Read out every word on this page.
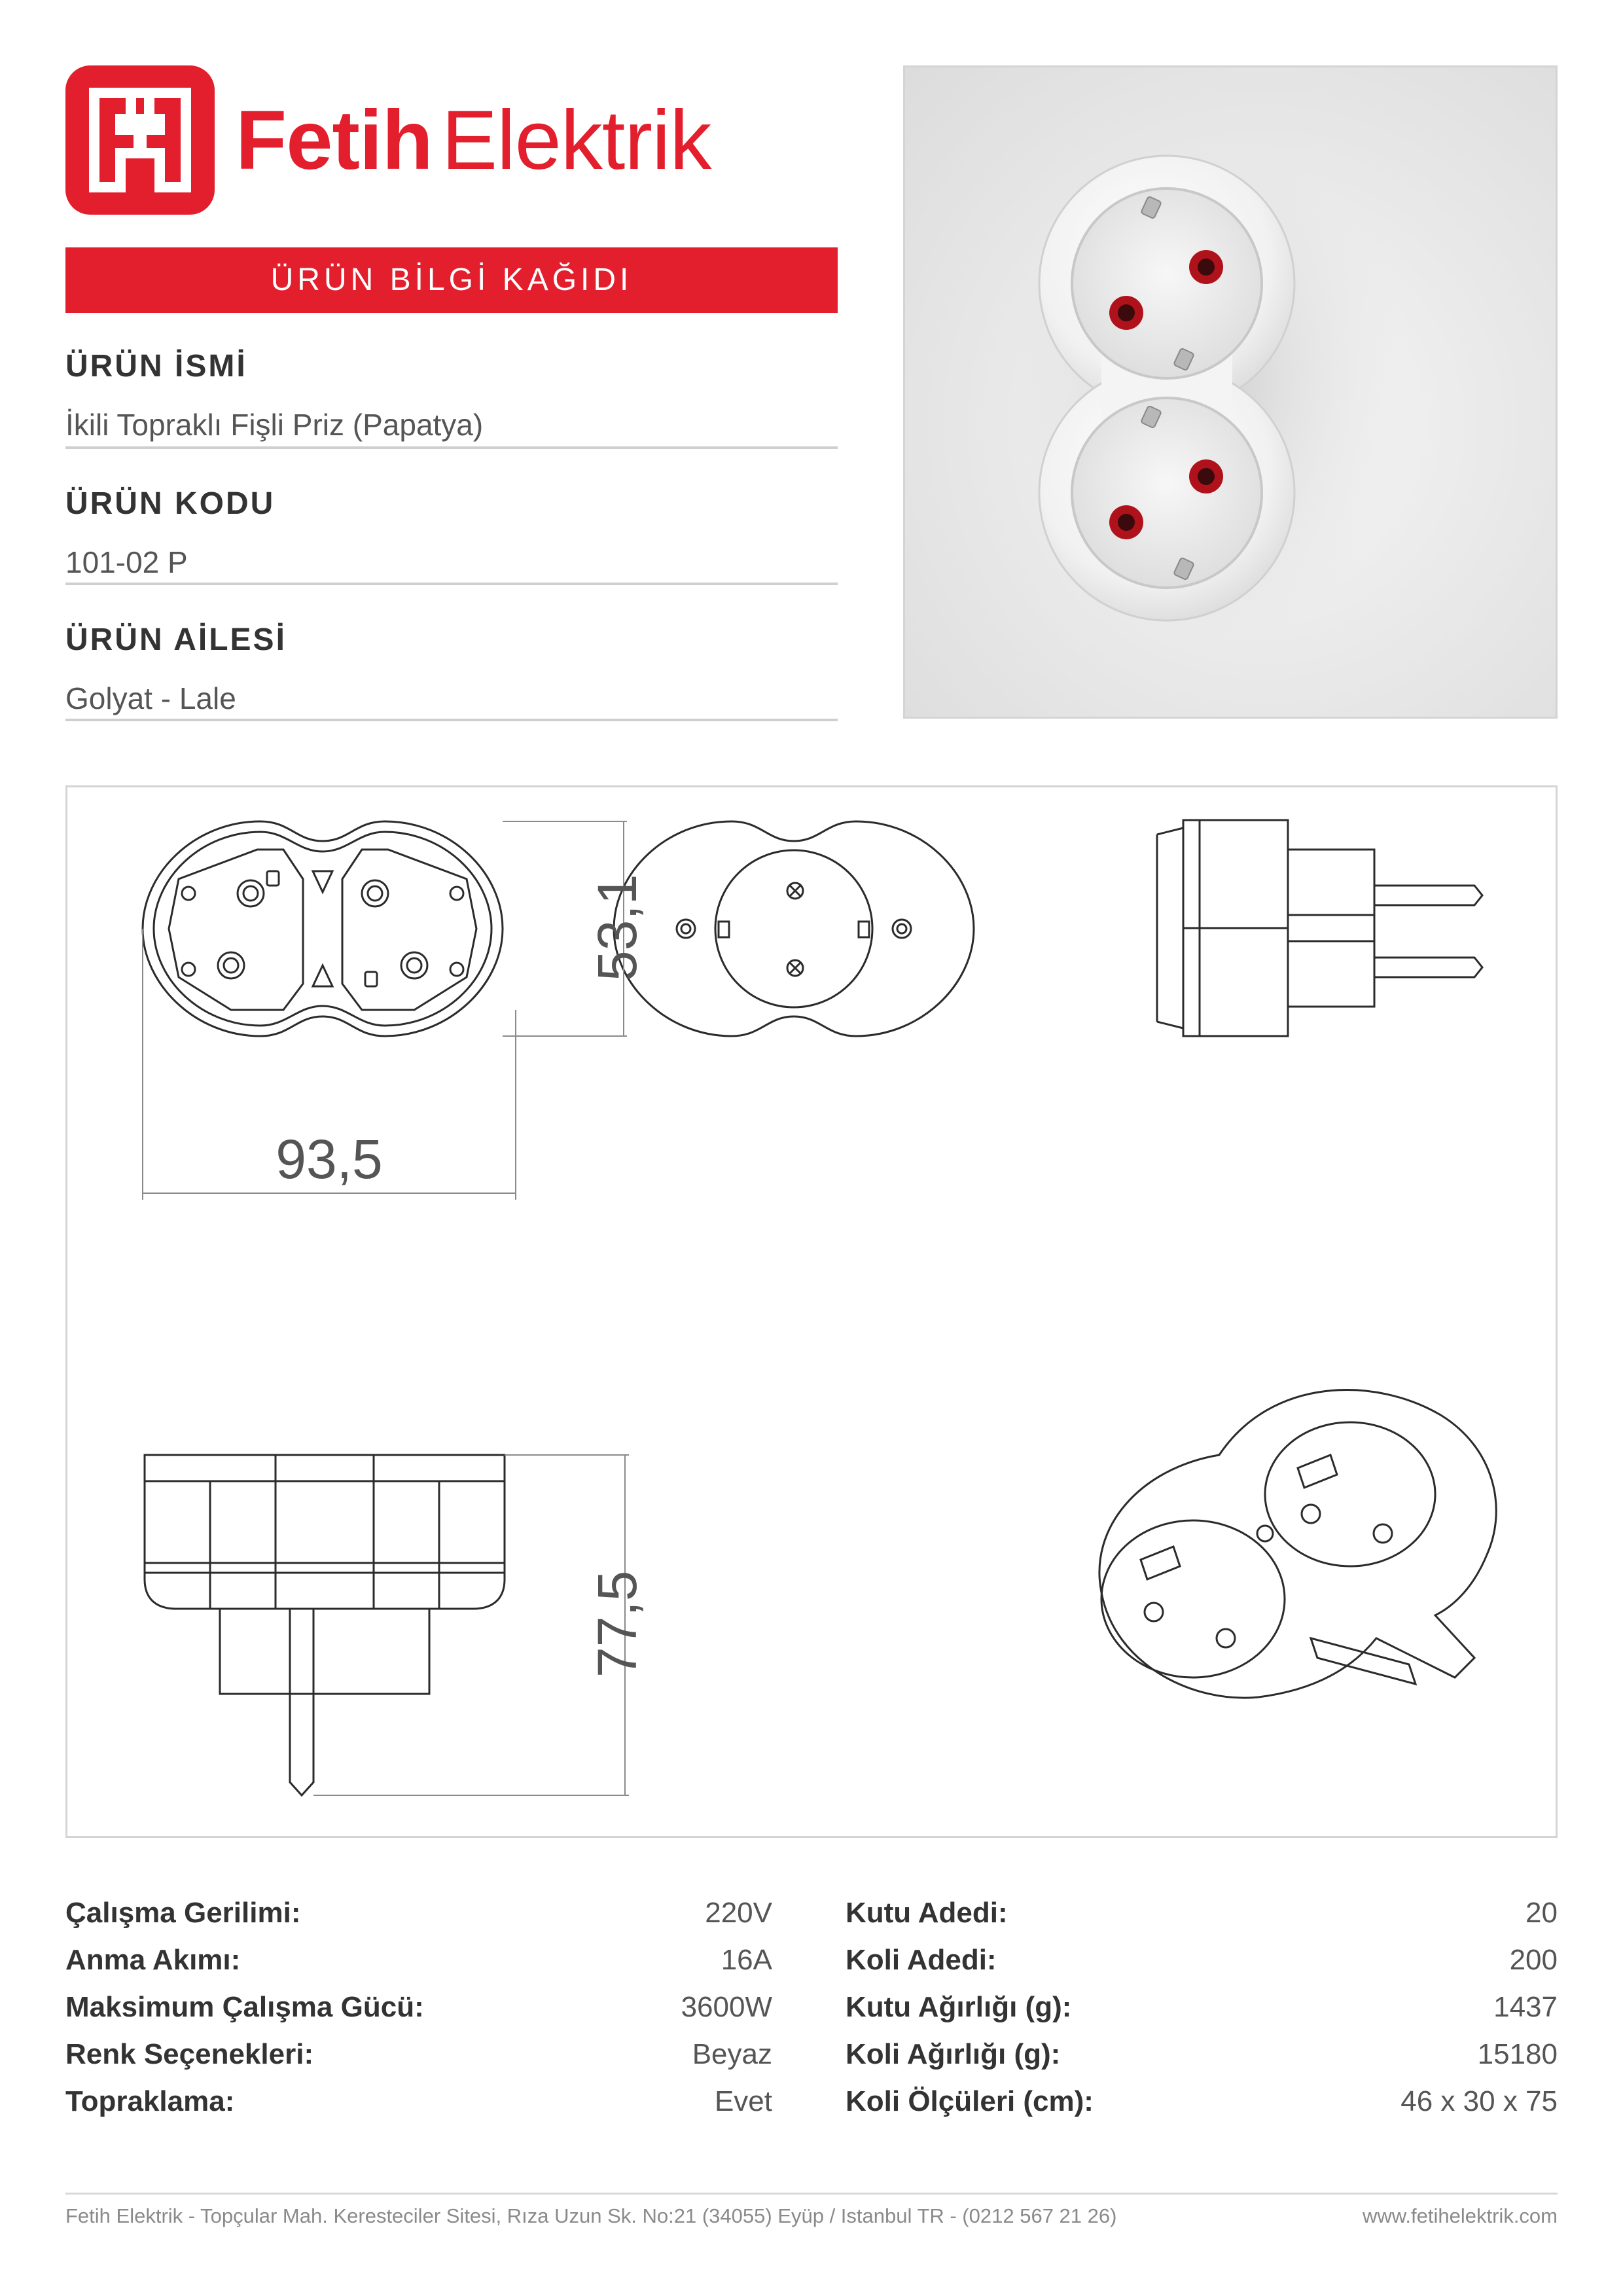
Fetih Elektrik
ÜRÜN BİLGİ KAĞIDI
ÜRÜN İSMİ
İkili Topraklı Fişli Priz (Papatya)
ÜRÜN KODU
101-02 P
ÜRÜN AİLESİ
Golyat - Lale
53,1
93,5
77,5
Çalışma Gerilimi:	220V
Anma Akımı:	16A
Maksimum Çalışma Gücü:	3600W
Renk Seçenekleri:	Beyaz
Topraklama:	Evet
Kutu Adedi:	20
Koli Adedi:	200
Kutu Ağırlığı (g):	1437
Koli Ağırlığı (g):	15180
Koli Ölçüleri (cm):	46 x 30 x 75
Fetih Elektrik - Topçular Mah. Keresteciler Sitesi, Rıza Uzun Sk. No:21 (34055) Eyüp / Istanbul TR - (0212 567 21 26)	www.fetihelektrik.com
